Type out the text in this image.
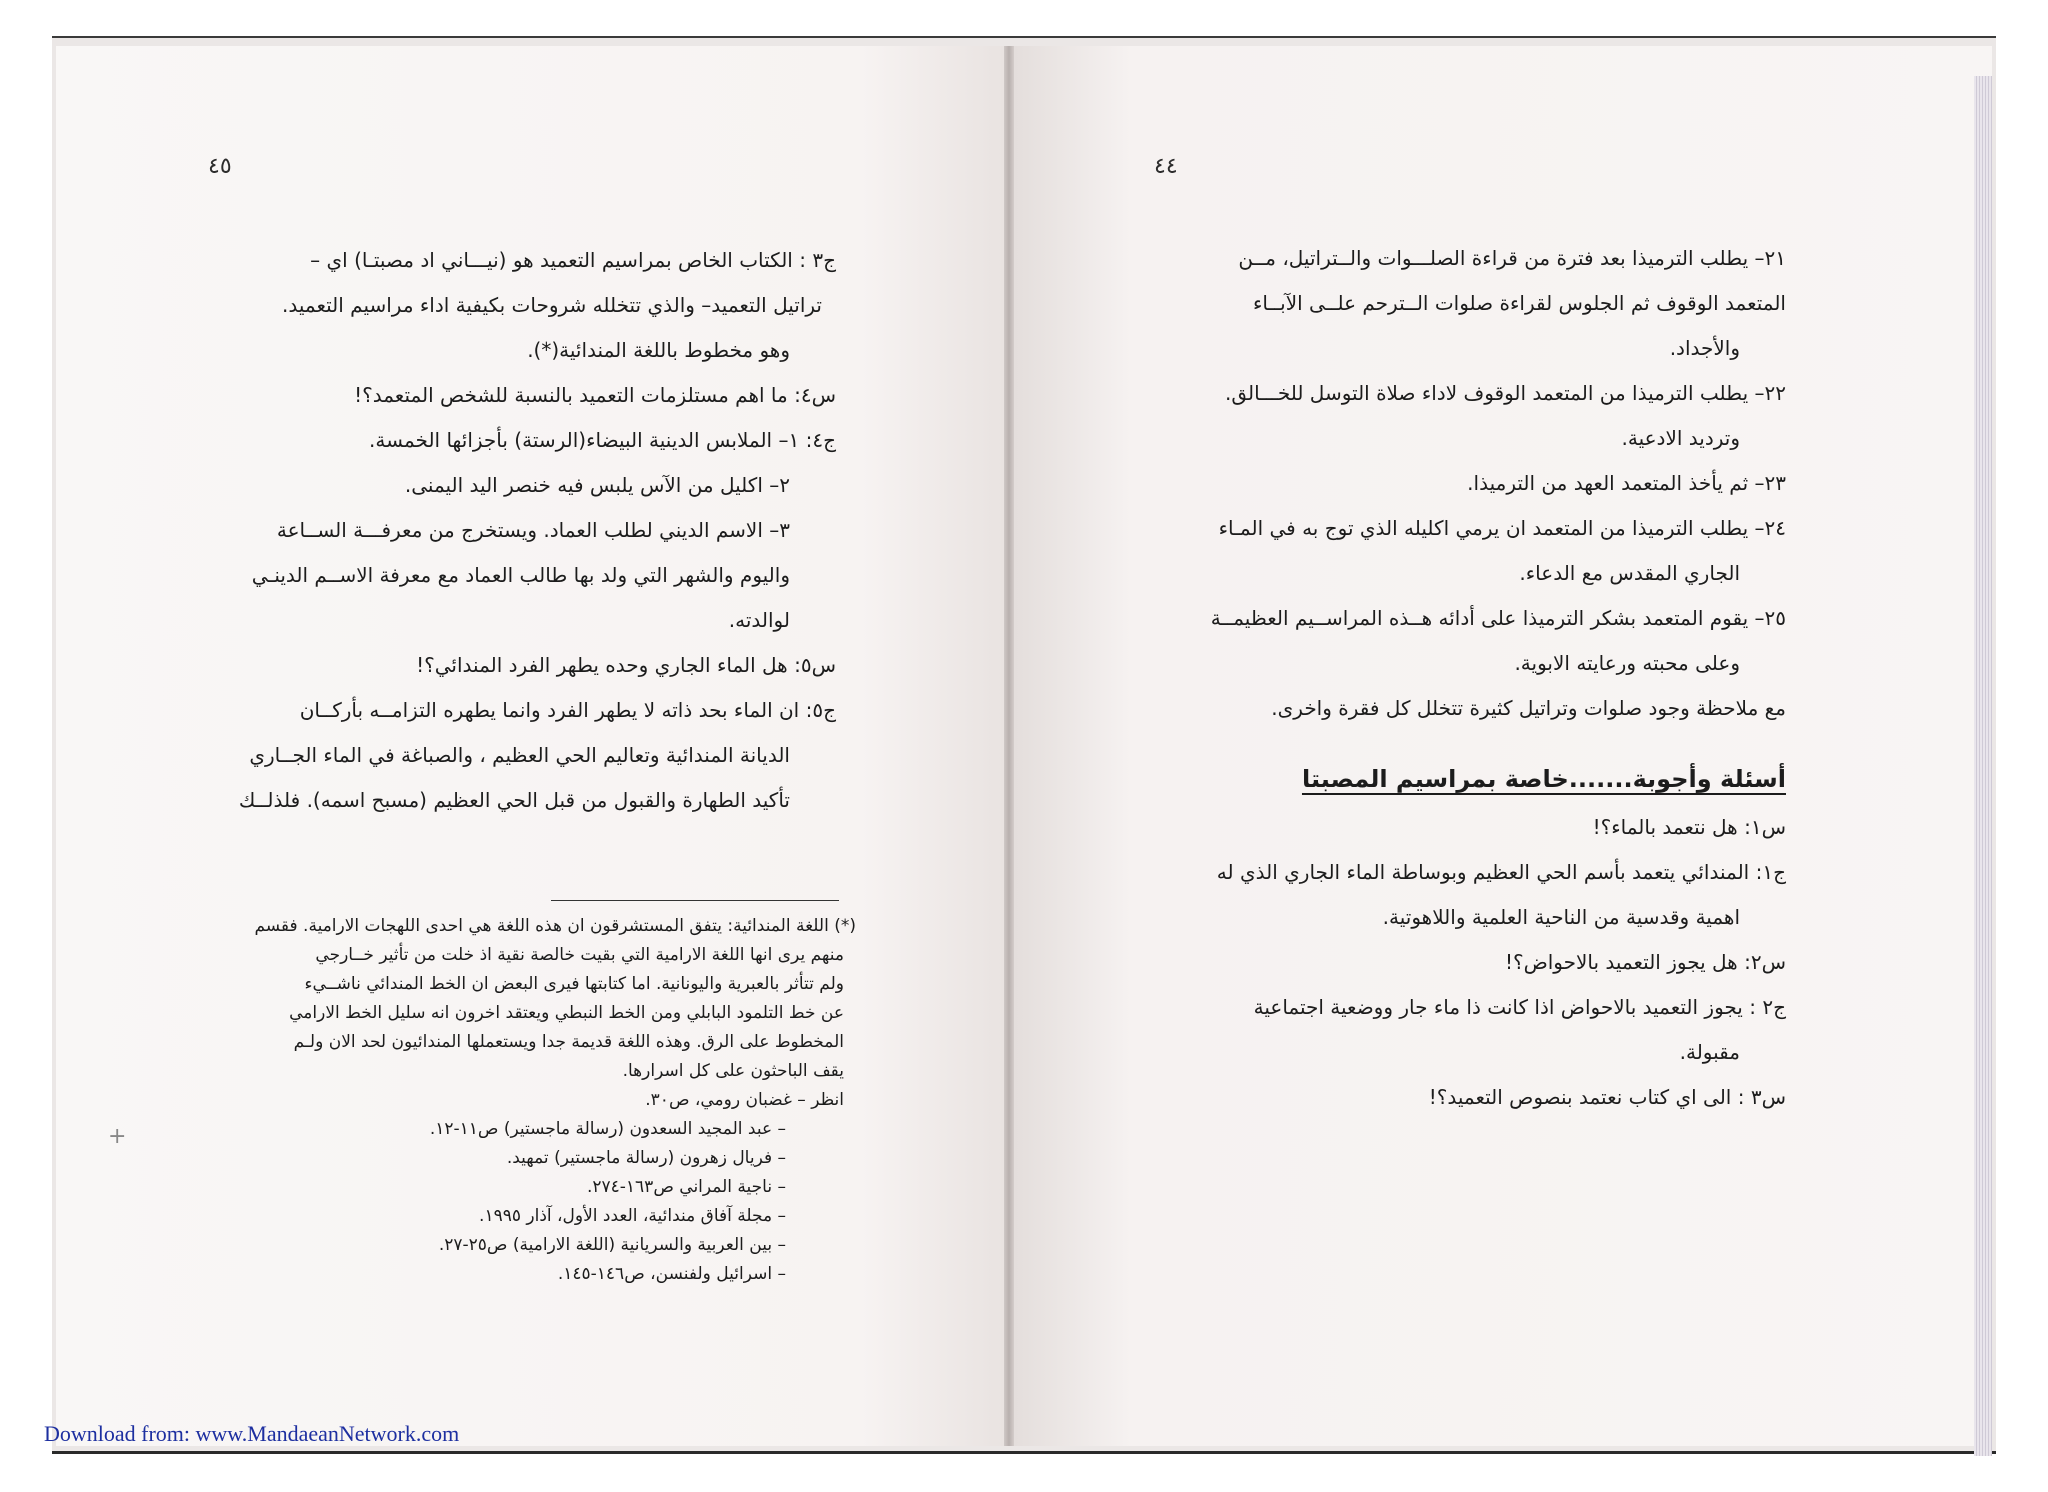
٤٥
ج٣ : الكتاب الخاص بمراسيم التعميد هو (نيـــاني اد مصبتـا) اي –
تراتيل التعميد– والذي تتخلله شروحات بكيفية اداء مراسيم التعميد.
وهو مخطوط باللغة المندائية(*).
س٤: ما اهم مستلزمات التعميد بالنسبة للشخص المتعمد؟!
ج٤: ١– الملابس الدينية البيضاء(الرستة) بأجزائها الخمسة.
٢– اكليل من الآس يلبس فيه خنصر اليد اليمنى.
٣– الاسم الديني لطلب العماد. ويستخرج من معرفـــة الســاعة
واليوم والشهر التي ولد بها طالب العماد مع معرفة الاســم الدينـي
لوالدته.
س٥: هل الماء الجاري وحده يطهر الفرد المندائي؟!
ج٥: ان الماء بحد ذاته لا يطهر الفرد وانما يطهره التزامــه بأركــان
الديانة المندائية وتعاليم الحي العظيم ، والصباغة في الماء الجــاري
تأكيد الطهارة والقبول من قبل الحي العظيم (مسبح اسمه). فلذلــك
(*) اللغة المندائية: يتفق المستشرقون ان هذه اللغة هي احدى اللهجات الارامية. فقسم
منهم يرى انها اللغة الارامية التي بقيت خالصة نقية اذ خلت من تأثير خــارجي
ولم تتأثر بالعبرية واليونانية. اما كتابتها فيرى البعض ان الخط المندائي ناشــيء
عن خط التلمود البابلي ومن الخط النبطي ويعتقد اخرون انه سليل الخط الارامي
المخطوط على الرق. وهذه اللغة قديمة جدا ويستعملها المندائيون لحد الان ولـم
يقف الباحثون على كل اسرارها.
انظر – غضبان رومي، ص٣٠.
– عبد المجيد السعدون (رسالة ماجستير) ص١١-١٢.
– فريال زهرون (رسالة ماجستير) تمهيد.
– ناجية المراني ص١٦٣-٢٧٤.
– مجلة آفاق مندائية، العدد الأول، آذار ١٩٩٥.
– بين العربية والسريانية (اللغة الارامية) ص٢٥-٢٧.
– اسرائيل ولفنسن، ص١٤٦-١٤٥.
+
٤٤
٢١– يطلب الترميذا بعد فترة من قراءة الصلـــوات والــتراتيل، مــن
المتعمد الوقوف ثم الجلوس لقراءة صلوات الــترحم علــى الآبــاء
والأجداد.
٢٢– يطلب الترميذا من المتعمد الوقوف لاداء صلاة التوسل للخـــالق.
وترديد الادعية.
٢٣– ثم يأخذ المتعمد العهد من الترميذا.
٢٤– يطلب الترميذا من المتعمد ان يرمي اكليله الذي توج به في المـاء
الجاري المقدس مع الدعاء.
٢٥– يقوم المتعمد بشكر الترميذا على أدائه هــذه المراســيم العظيمــة
وعلى محبته ورعايته الابوية.
مع ملاحظة وجود صلوات وتراتيل كثيرة تتخلل كل فقرة واخرى.
أسئلة وأجوبة.......خاصة بمراسيم المصبتا
س١: هل نتعمد بالماء؟!
ج١: المندائي يتعمد بأسم الحي العظيم وبوساطة الماء الجاري الذي له
اهمية وقدسية من الناحية العلمية واللاهوتية.
س٢: هل يجوز التعميد بالاحواض؟!
ج٢ : يجوز التعميد بالاحواض اذا كانت ذا ماء جار ووضعية اجتماعية
مقبولة.
س٣ : الى اي كتاب نعتمد بنصوص التعميد؟!
Download from: www.MandaeanNetwork.com
